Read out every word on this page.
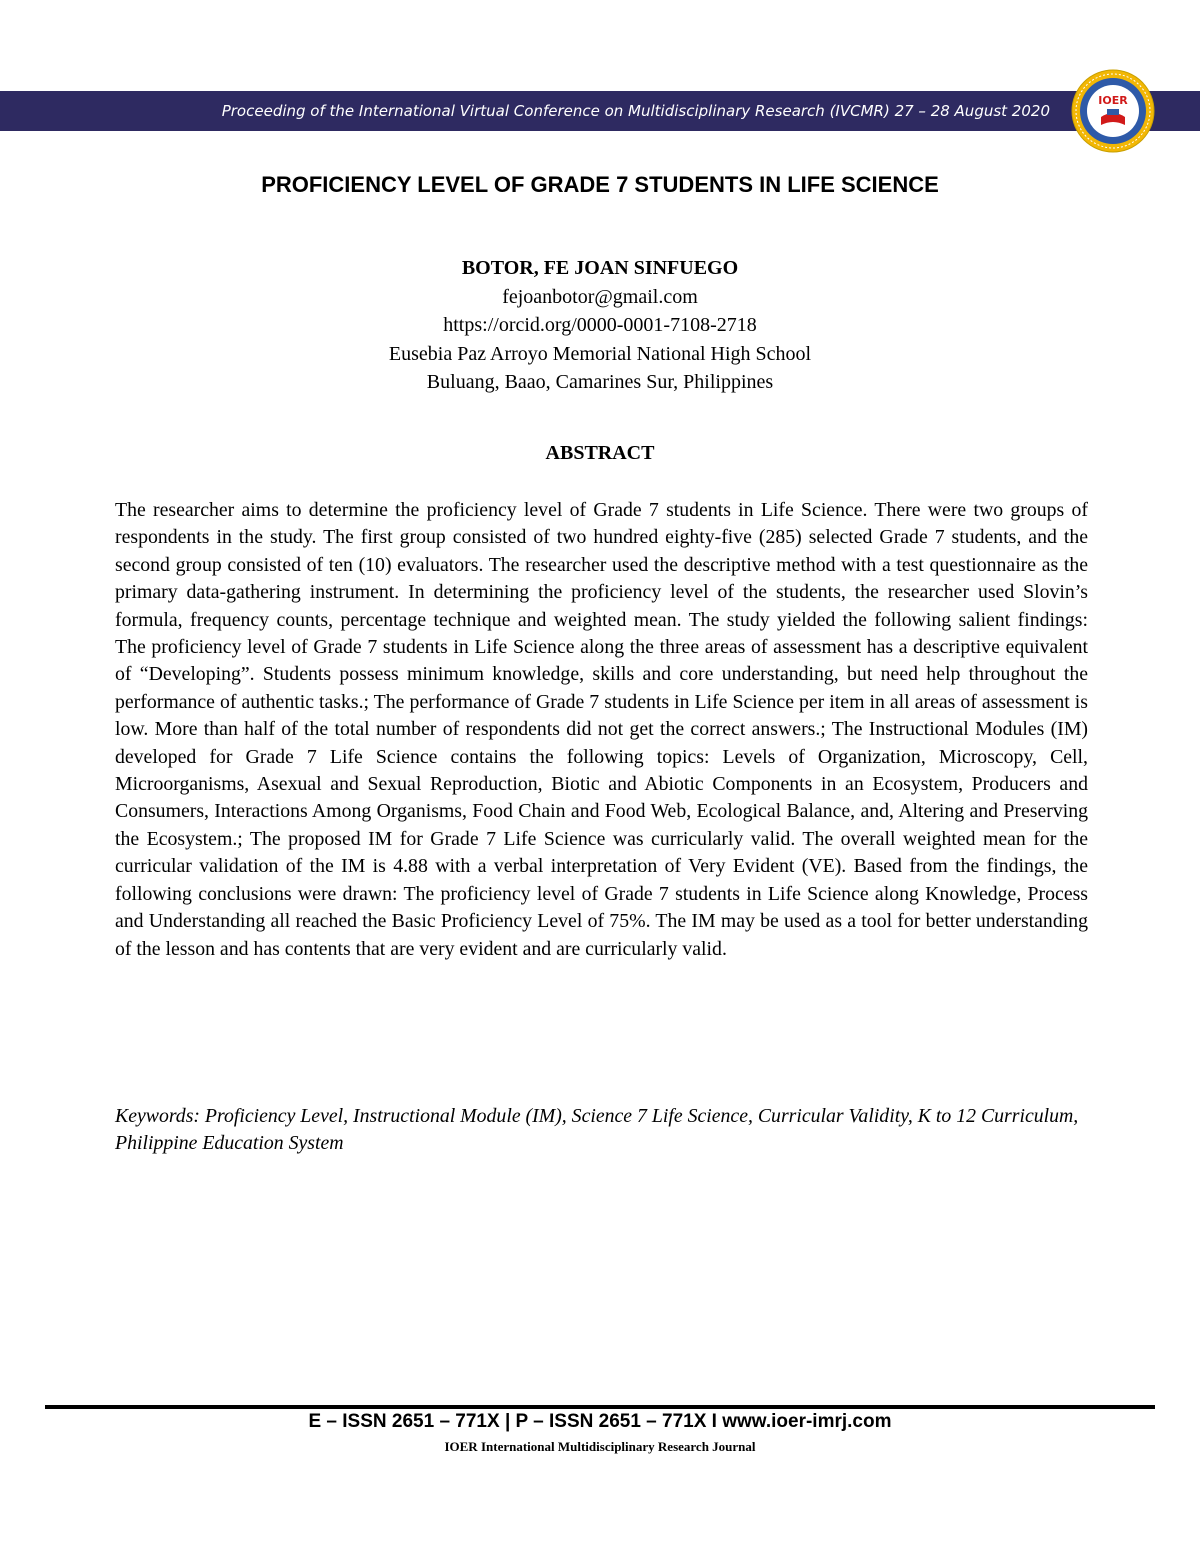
Proceeding of the International Virtual Conference on Multidisciplinary Research (IVCMR) 27 – 28 August 2020
IOER
PROFICIENCY LEVEL OF GRADE 7 STUDENTS IN LIFE SCIENCE
BOTOR, FE JOAN SINFUEGO
fejoanbotor@gmail.com
https://orcid.org/0000-0001-7108-2718
Eusebia Paz Arroyo Memorial National High School
Buluang, Baao, Camarines Sur, Philippines
ABSTRACT

The researcher aims to determine the proficiency level of Grade 7 students in Life Science. There were two groups of respondents in the study. The first group consisted of two hundred eighty-five (285) selected Grade 7 students, and the second group consisted of ten (10) evaluators. The researcher used the descriptive method with a test questionnaire as the primary data-gathering instrument. In determining the proficiency level of the students, the researcher used Slovin’s formula, frequency counts, percentage technique and weighted mean. The study yielded the following salient findings: The proficiency level of Grade 7 students in Life Science along the three areas of assessment has a descriptive equivalent of “Developing”. Students possess minimum knowledge, skills and core understanding, but need help throughout the performance of authentic tasks.; The performance of Grade 7 students in Life Science per item in all areas of assessment is low. More than half of the total number of respondents did not get the correct answers.; The Instructional Modules (IM) developed for Grade 7 Life Science contains the following topics: Levels of Organization, Microscopy, Cell, Microorganisms, Asexual and Sexual Reproduction, Biotic and Abiotic Components in an Ecosystem, Producers and Consumers, Interactions Among Organisms, Food Chain and Food Web, Ecological Balance, and, Altering and Preserving the Ecosystem.; The proposed IM for Grade 7 Life Science was curricularly valid. The overall weighted mean for the curricular validation of the IM is 4.88 with a verbal interpretation of Very Evident (VE). Based from the findings, the following conclusions were drawn: The proficiency level of Grade 7 students in Life Science along Knowledge, Process and Understanding all reached the Basic Proficiency Level of 75%. The IM may be used as a tool for better understanding of the lesson and has contents that are very evident and are curricularly valid.

Keywords: Proficiency Level, Instructional Module (IM), Science 7 Life Science, Curricular Validity, K to 12 Curriculum, Philippine Education System

E – ISSN 2651 – 771X | P – ISSN 2651 – 771X I www.ioer-imrj.com
IOER International Multidisciplinary Research Journal
